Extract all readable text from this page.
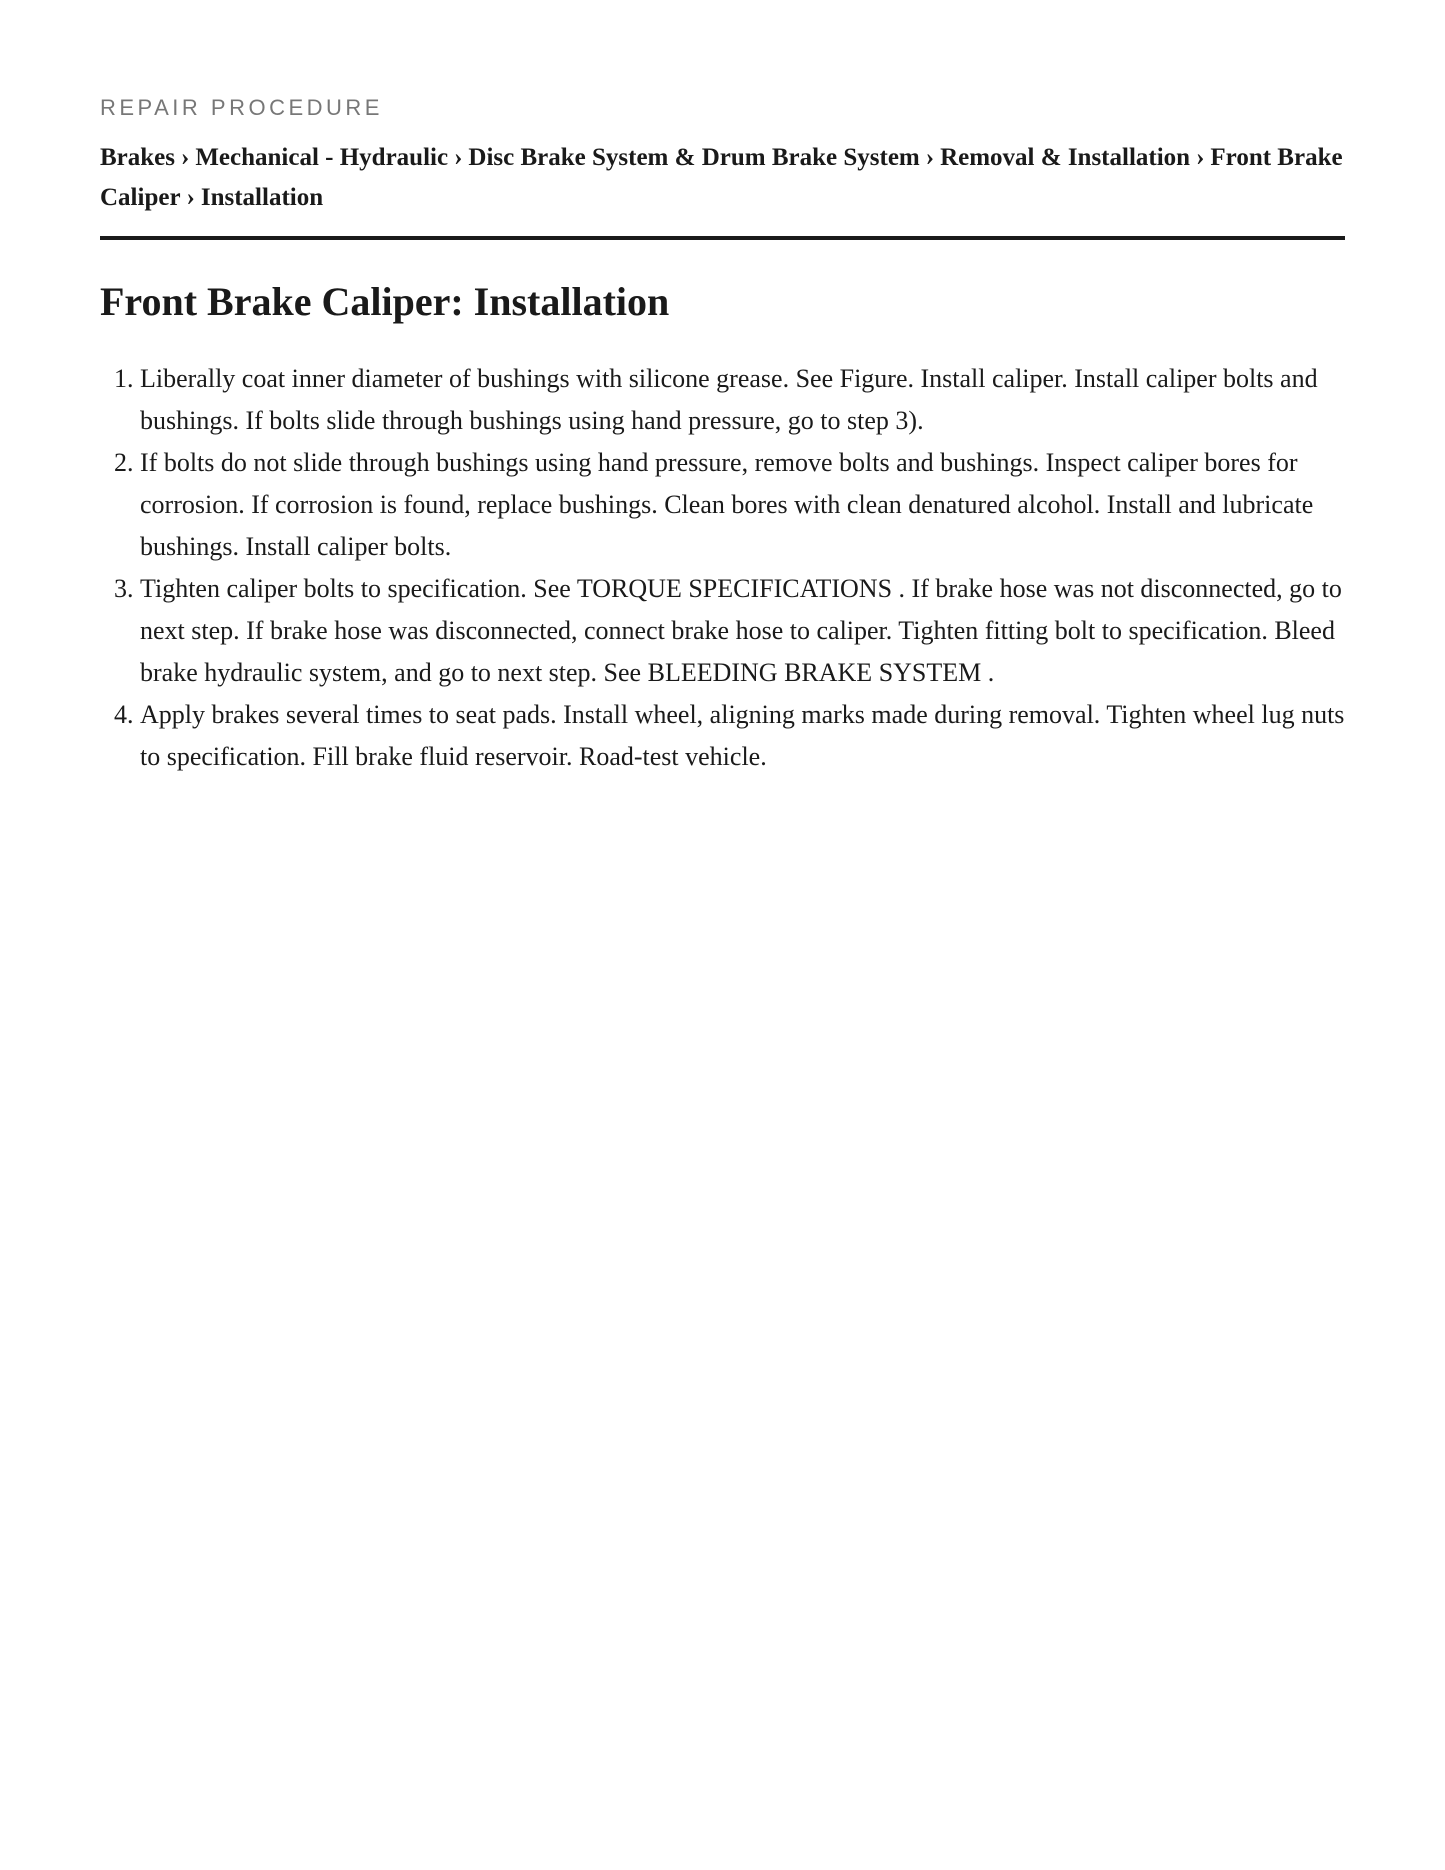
REPAIR PROCEDURE
Brakes › Mechanical - Hydraulic › Disc Brake System & Drum Brake System › Removal & Installation › Front Brake Caliper › Installation
Front Brake Caliper: Installation
1. Liberally coat inner diameter of bushings with silicone grease. See Figure. Install caliper. Install caliper bolts and bushings. If bolts slide through bushings using hand pressure, go to step 3).
2. If bolts do not slide through bushings using hand pressure, remove bolts and bushings. Inspect caliper bores for corrosion. If corrosion is found, replace bushings. Clean bores with clean denatured alcohol. Install and lubricate bushings. Install caliper bolts.
3. Tighten caliper bolts to specification. See TORQUE SPECIFICATIONS . If brake hose was not disconnected, go to next step. If brake hose was disconnected, connect brake hose to caliper. Tighten fitting bolt to specification. Bleed brake hydraulic system, and go to next step. See BLEEDING BRAKE SYSTEM .
4. Apply brakes several times to seat pads. Install wheel, aligning marks made during removal. Tighten wheel lug nuts to specification. Fill brake fluid reservoir. Road-test vehicle.
